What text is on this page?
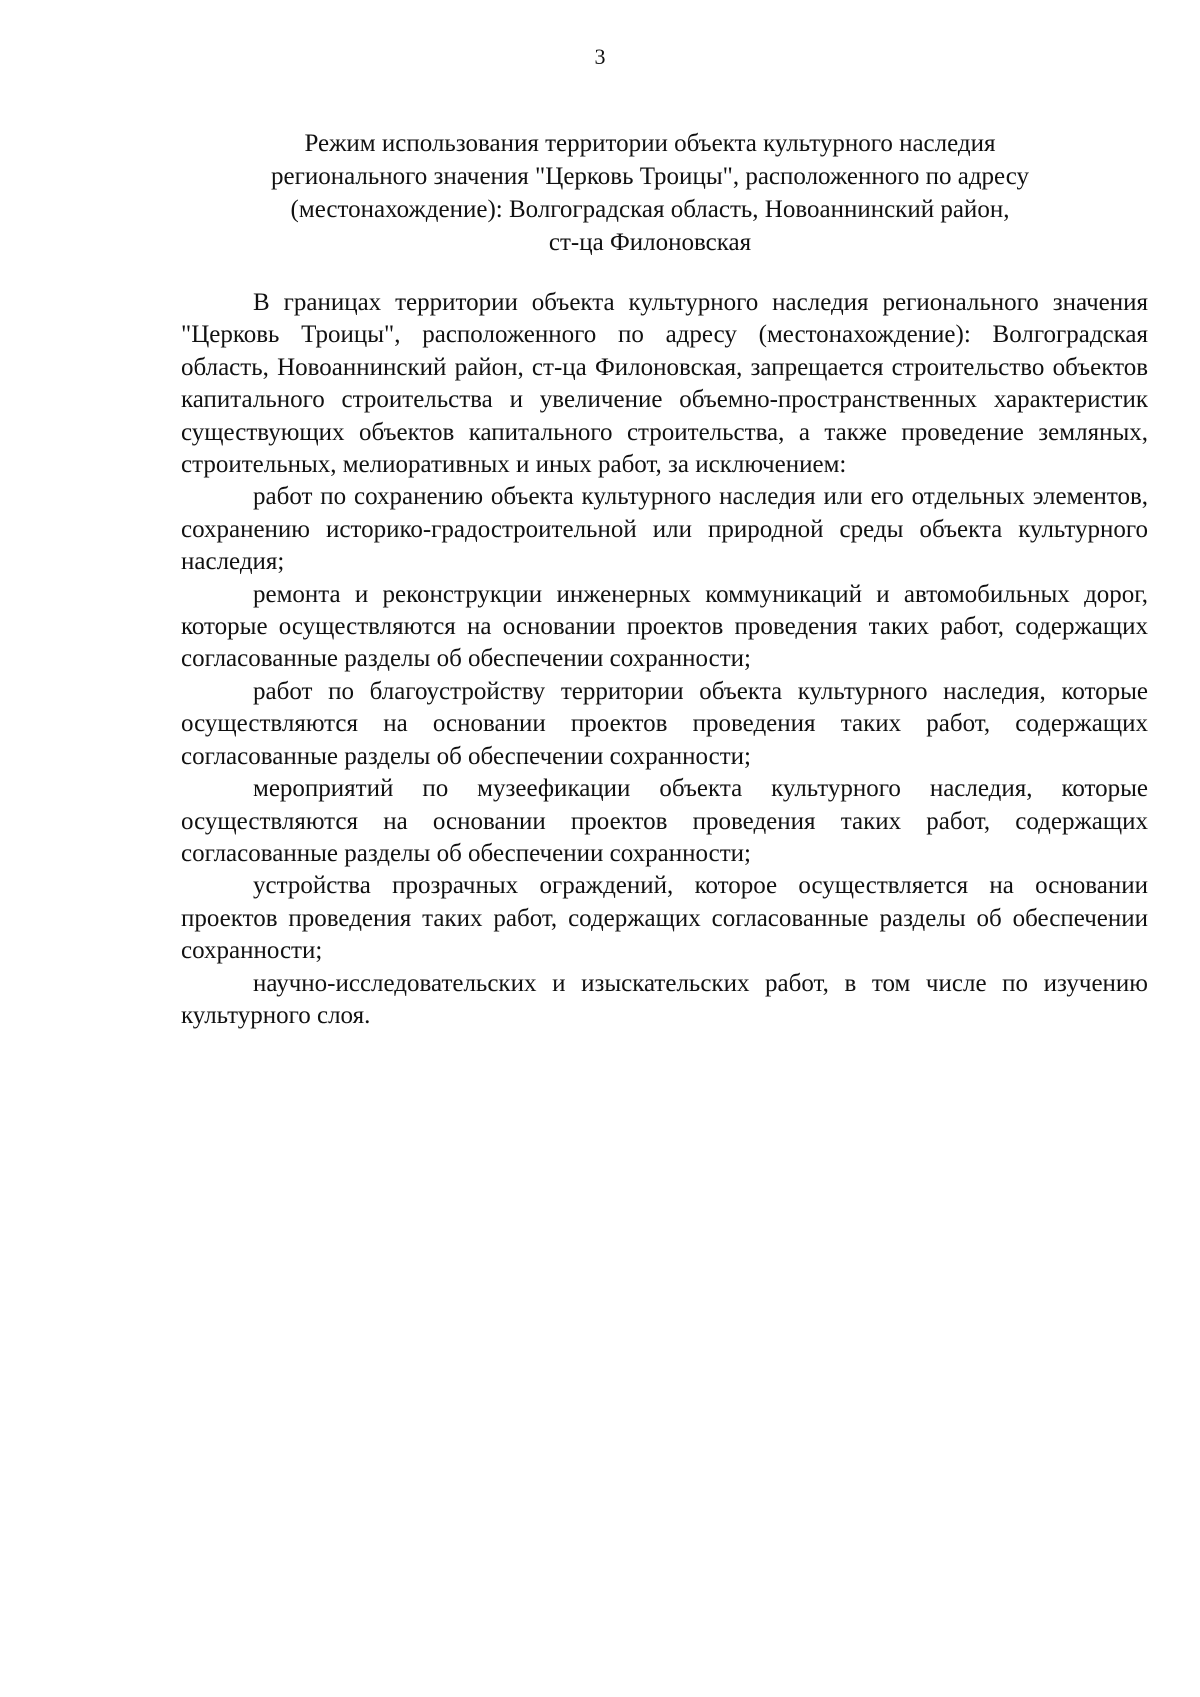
3
Режим использования территории объекта культурного наследия
регионального значения "Церковь Троицы", расположенного по адресу
(местонахождение): Волгоградская область, Новоаннинский район,
ст-ца Филоновская

В границах территории объекта культурного наследия регионального значения "Церковь Троицы", расположенного по адресу (местонахождение): Волгоградская область, Новоаннинский район, ст-ца Филоновская, запрещается строительство объектов капитального строительства и увеличение объемно-пространственных характеристик существующих объектов капитального строительства, а также проведение земляных, строительных, мелиоративных и иных работ, за исключением:

работ по сохранению объекта культурного наследия или его отдельных элементов, сохранению историко-градостроительной или природной среды объекта культурного наследия;

ремонта и реконструкции инженерных коммуникаций и автомобильных дорог, которые осуществляются на основании проектов проведения таких работ, содержащих согласованные разделы об обеспечении сохранности;

работ по благоустройству территории объекта культурного наследия, которые осуществляются на основании проектов проведения таких работ, содержащих согласованные разделы об обеспечении сохранности;

мероприятий по музеефикации объекта культурного наследия, которые осуществляются на основании проектов проведения таких работ, содержащих согласованные разделы об обеспечении сохранности;

устройства прозрачных ограждений, которое осуществляется на основании проектов проведения таких работ, содержащих согласованные разделы об обеспечении сохранности;

научно-исследовательских и изыскательских работ, в том числе по изучению культурного слоя.
